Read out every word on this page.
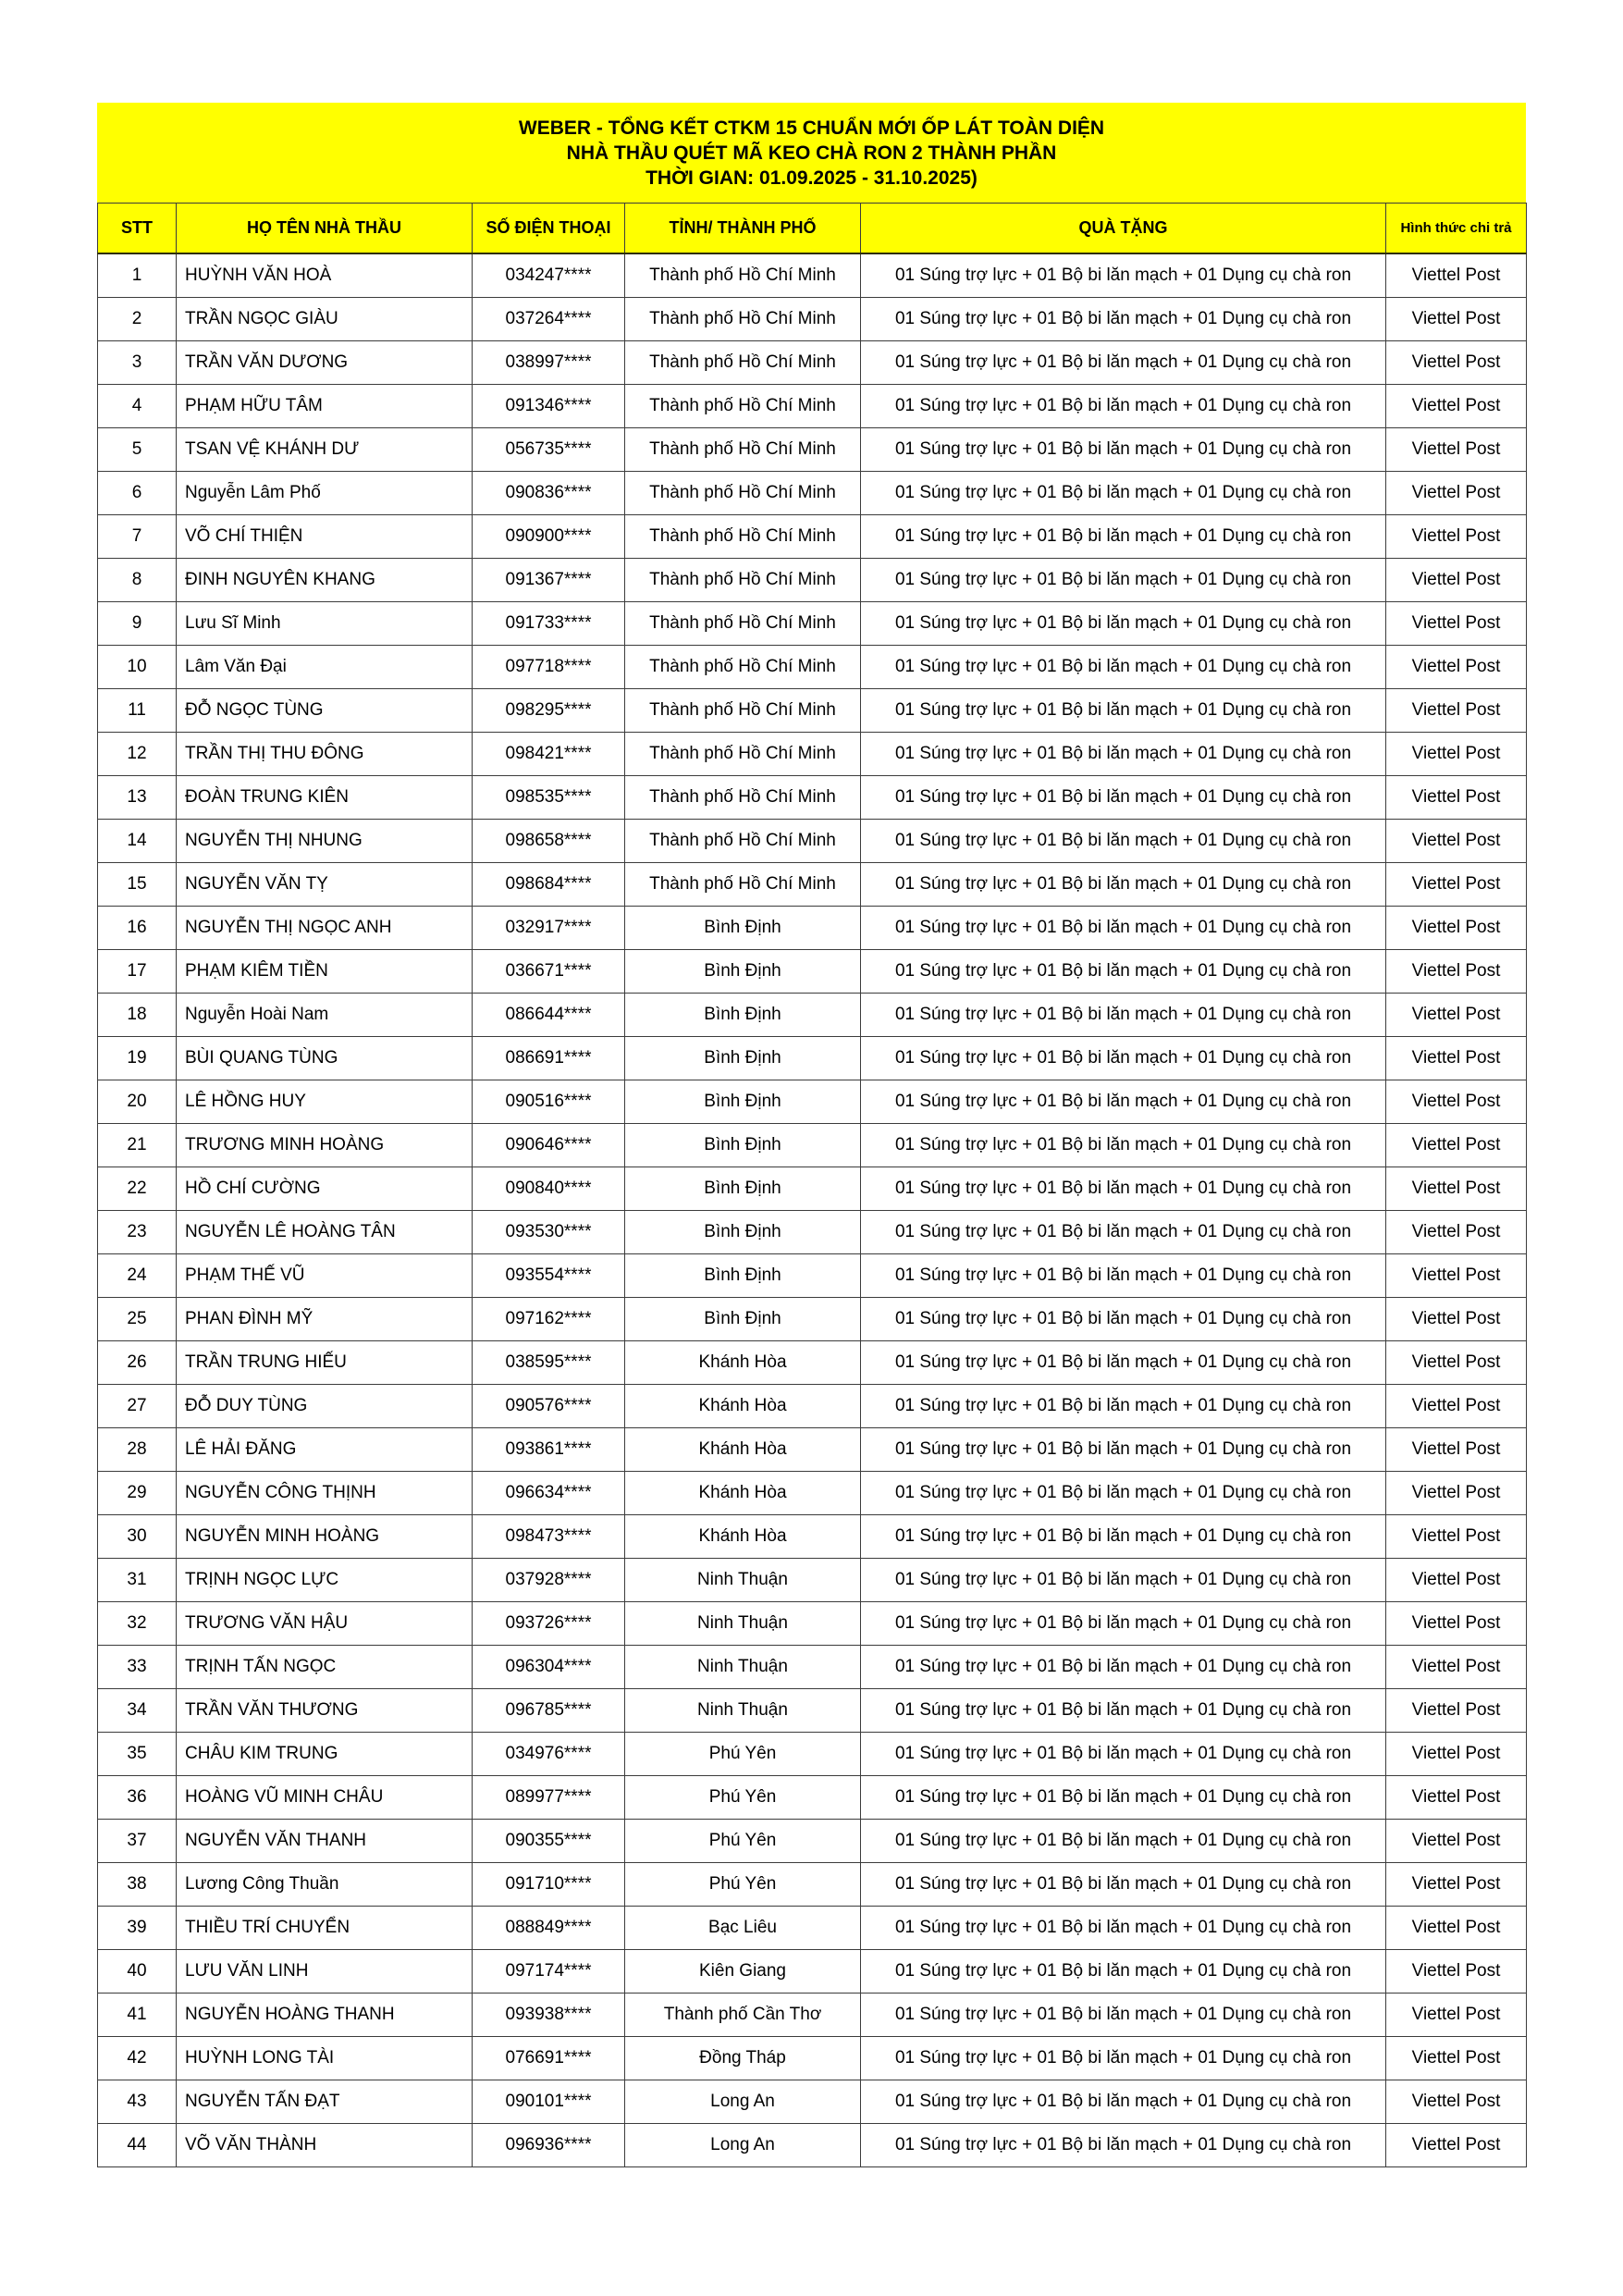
WEBER - TỔNG KẾT CTKM 15 CHUẨN MỚI ỐP LÁT TOÀN DIỆN
NHÀ THẦU QUÉT MÃ KEO CHÀ RON 2 THÀNH PHẦN
THỜI GIAN: 01.09.2025 - 31.10.2025)
STT	HỌ TÊN NHÀ THẦU	SỐ ĐIỆN THOẠI	TỈNH/ THÀNH PHỐ	QUÀ TẶNG	Hình thức chi trả
1	HUỲNH VĂN HOÀ	034247****	Thành phố Hồ Chí Minh	01 Súng trợ lực + 01 Bộ bi lăn mạch + 01 Dụng cụ chà ron	Viettel Post
2	TRẦN NGỌC GIÀU	037264****	Thành phố Hồ Chí Minh	01 Súng trợ lực + 01 Bộ bi lăn mạch + 01 Dụng cụ chà ron	Viettel Post
3	TRẦN VĂN DƯƠNG	038997****	Thành phố Hồ Chí Minh	01 Súng trợ lực + 01 Bộ bi lăn mạch + 01 Dụng cụ chà ron	Viettel Post
4	PHẠM HỮU TÂM	091346****	Thành phố Hồ Chí Minh	01 Súng trợ lực + 01 Bộ bi lăn mạch + 01 Dụng cụ chà ron	Viettel Post
5	TSAN VỆ KHÁNH DƯ	056735****	Thành phố Hồ Chí Minh	01 Súng trợ lực + 01 Bộ bi lăn mạch + 01 Dụng cụ chà ron	Viettel Post
6	Nguyễn Lâm Phố	090836****	Thành phố Hồ Chí Minh	01 Súng trợ lực + 01 Bộ bi lăn mạch + 01 Dụng cụ chà ron	Viettel Post
7	VÕ CHÍ THIỆN	090900****	Thành phố Hồ Chí Minh	01 Súng trợ lực + 01 Bộ bi lăn mạch + 01 Dụng cụ chà ron	Viettel Post
8	ĐINH NGUYÊN KHANG	091367****	Thành phố Hồ Chí Minh	01 Súng trợ lực + 01 Bộ bi lăn mạch + 01 Dụng cụ chà ron	Viettel Post
9	Lưu Sĩ Minh	091733****	Thành phố Hồ Chí Minh	01 Súng trợ lực + 01 Bộ bi lăn mạch + 01 Dụng cụ chà ron	Viettel Post
10	Lâm Văn Đại	097718****	Thành phố Hồ Chí Minh	01 Súng trợ lực + 01 Bộ bi lăn mạch + 01 Dụng cụ chà ron	Viettel Post
11	ĐỖ NGỌC TÙNG	098295****	Thành phố Hồ Chí Minh	01 Súng trợ lực + 01 Bộ bi lăn mạch + 01 Dụng cụ chà ron	Viettel Post
12	TRẦN THỊ THU ĐÔNG	098421****	Thành phố Hồ Chí Minh	01 Súng trợ lực + 01 Bộ bi lăn mạch + 01 Dụng cụ chà ron	Viettel Post
13	ĐOÀN TRUNG KIÊN	098535****	Thành phố Hồ Chí Minh	01 Súng trợ lực + 01 Bộ bi lăn mạch + 01 Dụng cụ chà ron	Viettel Post
14	NGUYỄN THỊ NHUNG	098658****	Thành phố Hồ Chí Minh	01 Súng trợ lực + 01 Bộ bi lăn mạch + 01 Dụng cụ chà ron	Viettel Post
15	NGUYỄN VĂN TỴ	098684****	Thành phố Hồ Chí Minh	01 Súng trợ lực + 01 Bộ bi lăn mạch + 01 Dụng cụ chà ron	Viettel Post
16	NGUYỄN THỊ NGỌC ANH	032917****	Bình Định	01 Súng trợ lực + 01 Bộ bi lăn mạch + 01 Dụng cụ chà ron	Viettel Post
17	PHẠM KIÊM TIỀN	036671****	Bình Định	01 Súng trợ lực + 01 Bộ bi lăn mạch + 01 Dụng cụ chà ron	Viettel Post
18	Nguyễn Hoài Nam	086644****	Bình Định	01 Súng trợ lực + 01 Bộ bi lăn mạch + 01 Dụng cụ chà ron	Viettel Post
19	BÙI QUANG TÙNG	086691****	Bình Định	01 Súng trợ lực + 01 Bộ bi lăn mạch + 01 Dụng cụ chà ron	Viettel Post
20	LÊ HỒNG HUY	090516****	Bình Định	01 Súng trợ lực + 01 Bộ bi lăn mạch + 01 Dụng cụ chà ron	Viettel Post
21	TRƯƠNG MINH HOÀNG	090646****	Bình Định	01 Súng trợ lực + 01 Bộ bi lăn mạch + 01 Dụng cụ chà ron	Viettel Post
22	HỒ CHÍ CƯỜNG	090840****	Bình Định	01 Súng trợ lực + 01 Bộ bi lăn mạch + 01 Dụng cụ chà ron	Viettel Post
23	NGUYỄN LÊ HOÀNG TÂN	093530****	Bình Định	01 Súng trợ lực + 01 Bộ bi lăn mạch + 01 Dụng cụ chà ron	Viettel Post
24	PHẠM THẾ VŨ	093554****	Bình Định	01 Súng trợ lực + 01 Bộ bi lăn mạch + 01 Dụng cụ chà ron	Viettel Post
25	PHAN ĐÌNH MỸ	097162****	Bình Định	01 Súng trợ lực + 01 Bộ bi lăn mạch + 01 Dụng cụ chà ron	Viettel Post
26	TRẦN TRUNG HIẾU	038595****	Khánh Hòa	01 Súng trợ lực + 01 Bộ bi lăn mạch + 01 Dụng cụ chà ron	Viettel Post
27	ĐỖ DUY TÙNG	090576****	Khánh Hòa	01 Súng trợ lực + 01 Bộ bi lăn mạch + 01 Dụng cụ chà ron	Viettel Post
28	LÊ HẢI ĐĂNG	093861****	Khánh Hòa	01 Súng trợ lực + 01 Bộ bi lăn mạch + 01 Dụng cụ chà ron	Viettel Post
29	NGUYỄN CÔNG THỊNH	096634****	Khánh Hòa	01 Súng trợ lực + 01 Bộ bi lăn mạch + 01 Dụng cụ chà ron	Viettel Post
30	NGUYỄN MINH HOÀNG	098473****	Khánh Hòa	01 Súng trợ lực + 01 Bộ bi lăn mạch + 01 Dụng cụ chà ron	Viettel Post
31	TRỊNH NGỌC LỰC	037928****	Ninh Thuận	01 Súng trợ lực + 01 Bộ bi lăn mạch + 01 Dụng cụ chà ron	Viettel Post
32	TRƯƠNG VĂN HẬU	093726****	Ninh Thuận	01 Súng trợ lực + 01 Bộ bi lăn mạch + 01 Dụng cụ chà ron	Viettel Post
33	TRỊNH TẤN NGỌC	096304****	Ninh Thuận	01 Súng trợ lực + 01 Bộ bi lăn mạch + 01 Dụng cụ chà ron	Viettel Post
34	TRẦN VĂN THƯƠNG	096785****	Ninh Thuận	01 Súng trợ lực + 01 Bộ bi lăn mạch + 01 Dụng cụ chà ron	Viettel Post
35	CHÂU KIM TRUNG	034976****	Phú Yên	01 Súng trợ lực + 01 Bộ bi lăn mạch + 01 Dụng cụ chà ron	Viettel Post
36	HOÀNG VŨ MINH CHÂU	089977****	Phú Yên	01 Súng trợ lực + 01 Bộ bi lăn mạch + 01 Dụng cụ chà ron	Viettel Post
37	NGUYỄN VĂN THANH	090355****	Phú Yên	01 Súng trợ lực + 01 Bộ bi lăn mạch + 01 Dụng cụ chà ron	Viettel Post
38	Lương Công Thuần	091710****	Phú Yên	01 Súng trợ lực + 01 Bộ bi lăn mạch + 01 Dụng cụ chà ron	Viettel Post
39	THIỀU TRÍ CHUYỂN	088849****	Bạc Liêu	01 Súng trợ lực + 01 Bộ bi lăn mạch + 01 Dụng cụ chà ron	Viettel Post
40	LƯU VĂN LINH	097174****	Kiên Giang	01 Súng trợ lực + 01 Bộ bi lăn mạch + 01 Dụng cụ chà ron	Viettel Post
41	NGUYỄN HOÀNG THANH	093938****	Thành phố Cần Thơ	01 Súng trợ lực + 01 Bộ bi lăn mạch + 01 Dụng cụ chà ron	Viettel Post
42	HUỲNH LONG TÀI	076691****	Đồng Tháp	01 Súng trợ lực + 01 Bộ bi lăn mạch + 01 Dụng cụ chà ron	Viettel Post
43	NGUYỄN TẤN ĐẠT	090101****	Long An	01 Súng trợ lực + 01 Bộ bi lăn mạch + 01 Dụng cụ chà ron	Viettel Post
44	VÕ VĂN THÀNH	096936****	Long An	01 Súng trợ lực + 01 Bộ bi lăn mạch + 01 Dụng cụ chà ron	Viettel Post
